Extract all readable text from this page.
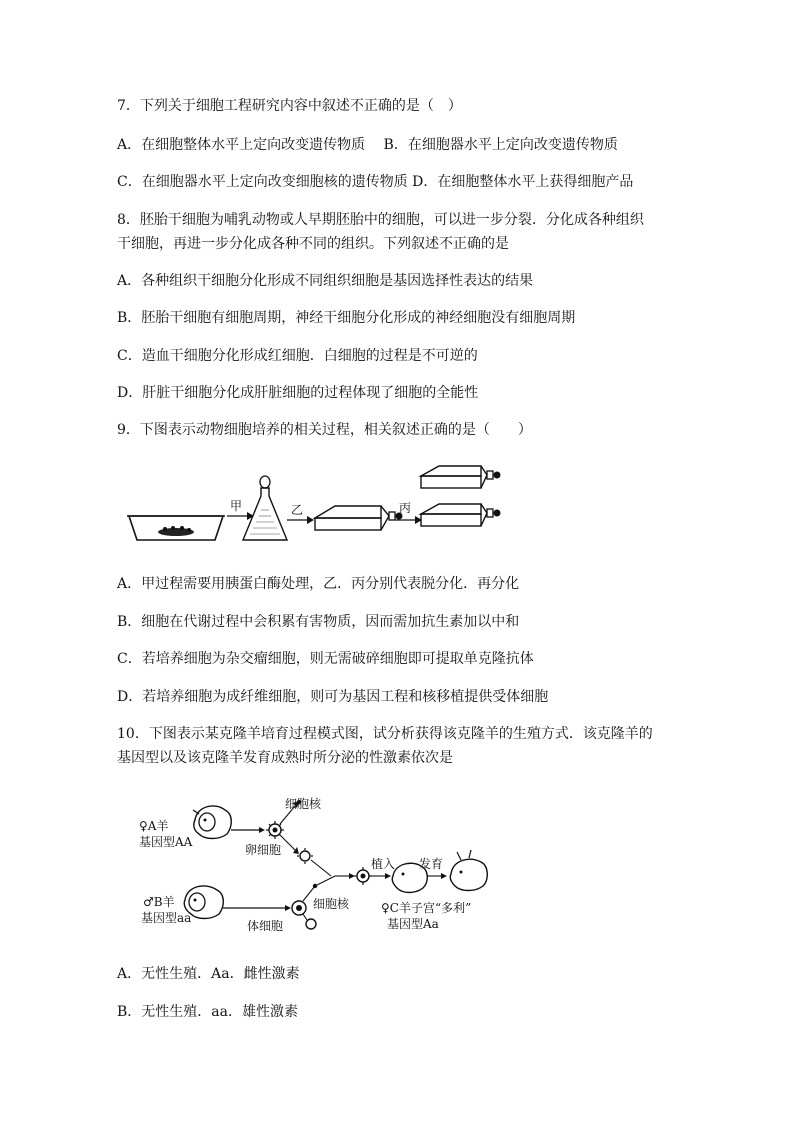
7．下列关于细胞工程研究内容中叙述不正确的是（　）
A．在细胞整体水平上定向改变遗传物质　 B．在细胞器水平上定向改变遗传物质
C．在细胞器水平上定向改变细胞核的遗传物质 D．在细胞整体水平上获得细胞产品
8．胚胎干细胞为哺乳动物或人早期胚胎中的细胞，可以进一步分裂．分化成各种组织
干细胞，再进一步分化成各种不同的组织。下列叙述不正确的是
A．各种组织干细胞分化形成不同组织细胞是基因选择性表达的结果
B．胚胎干细胞有细胞周期，神经干细胞分化形成的神经细胞没有细胞周期
C．造血干细胞分化形成红细胞．白细胞的过程是不可逆的
D．肝脏干细胞分化成肝脏细胞的过程体现了细胞的全能性
9．下图表示动物细胞培养的相关过程，相关叙述正确的是（　　）
甲	乙	丙
A．甲过程需要用胰蛋白酶处理，乙．丙分别代表脱分化．再分化
B．细胞在代谢过程中会积累有害物质，因而需加抗生素加以中和
C．若培养细胞为杂交瘤细胞，则无需破碎细胞即可提取单克隆抗体
D．若培养细胞为成纤维细胞，则可为基因工程和核移植提供受体细胞
10．下图表示某克隆羊培育过程模式图，试分析获得该克隆羊的生殖方式．该克隆羊的
基因型以及该克隆羊发育成熟时所分泌的性激素依次是
♀A羊
基因型AA
细胞核
卵细胞
♂B羊
基因型aa
体细胞
细胞核
植入 发育
♀C羊子宫“多利”
基因型Aa
A．无性生殖．Aa．雌性激素
B．无性生殖．aa．雄性激素
